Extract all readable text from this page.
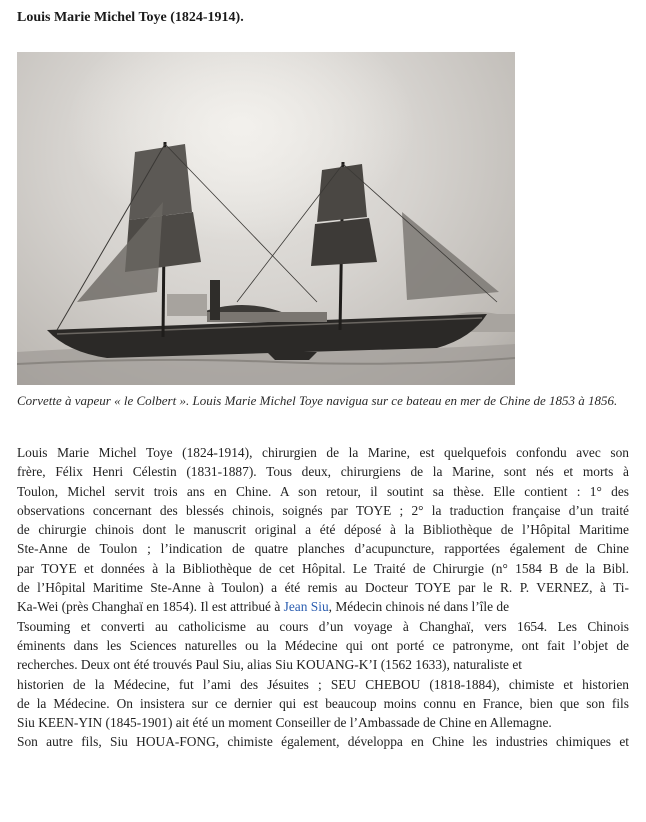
Louis Marie Michel Toye (1824-1914).
Corvette à vapeur « le Colbert ». Louis Marie Michel Toye navigua sur ce bateau en mer de Chine de 1853 à 1856.
Louis Marie Michel Toye (1824-1914), chirurgien de la Marine, est quelquefois confondu avec son
frère, Félix Henri Célestin (1831-1887). Tous deux, chirurgiens de la Marine, sont nés et morts à
Toulon, Michel servit trois ans en Chine. A son retour, il soutint sa thèse. Elle contient : 1° des
observations concernant des blessés chinois, soignés par TOYE ; 2° la traduction française d’un traité
de chirurgie chinois dont le manuscrit original a été déposé à la Bibliothèque de l’Hôpital Maritime
Ste-Anne de Toulon ; l’indication de quatre planches d’acupuncture, rapportées également de Chine
par TOYE et données à la Bibliothèque de cet Hôpital. Le Traité de Chirurgie (n° 1584 B de la Bibl.
de l’Hôpital Maritime Ste-Anne à Toulon) a été remis au Docteur TOYE par le R. P. VERNEZ, à Ti-
Ka-Wei (près Changhaï en 1854). Il est attribué à Jean Siu, Médecin chinois né dans l’île de
Tsouming et converti au catholicisme au cours d’un voyage à Changhaï, vers 1654. Les Chinois
éminents dans les Sciences naturelles ou la Médecine qui ont porté ce patronyme, ont fait l’objet de
recherches. Deux ont été trouvés Paul Siu, alias Siu KOUANG-K’I (1562 1633), naturaliste et
historien de la Médecine, fut l’ami des Jésuites ; SEU CHEBOU (1818-1884), chimiste et historien
de la Médecine. On insistera sur ce dernier qui est beaucoup moins connu en France, bien que son fils
Siu KEEN-YIN (1845-1901) ait été un moment Conseiller de l’Ambassade de Chine en Allemagne.
Son autre fils, Siu HOUA-FONG, chimiste également, développa en Chine les industries chimiques et
